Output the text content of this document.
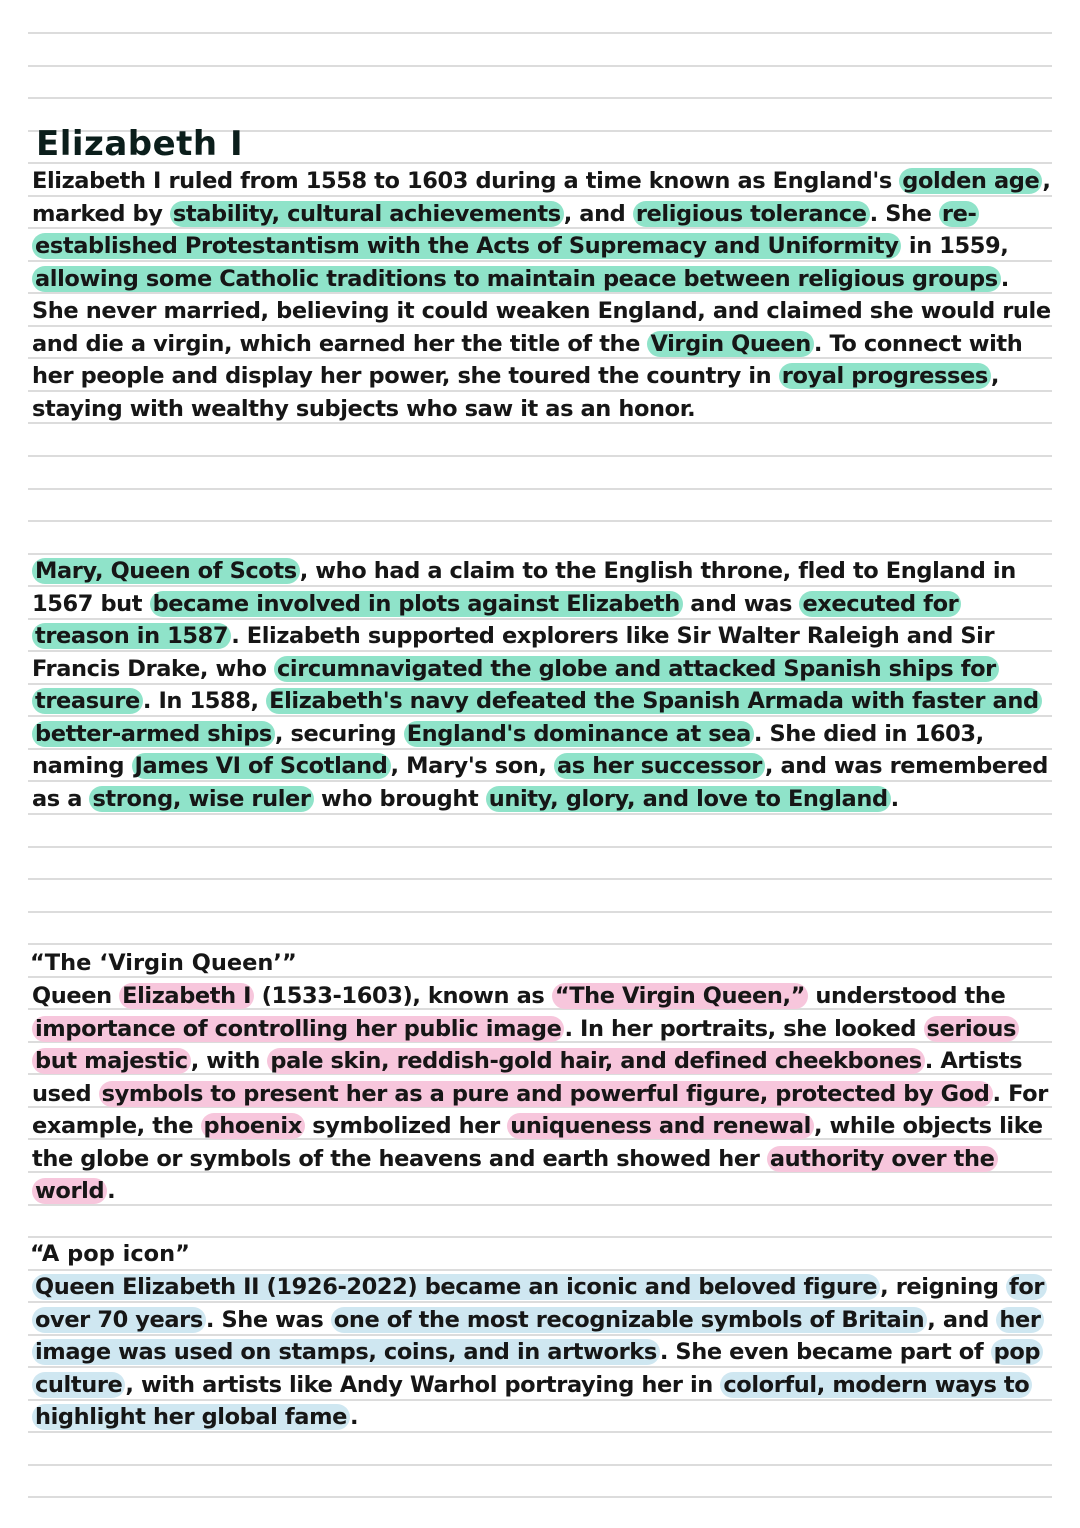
Elizabeth I

Elizabeth I ruled from 1558 to 1603 during a time known as England's golden age , marked by stability, cultural achievements , and religious tolerance . She re-established Protestantism with the Acts of Supremacy and Uniformity in 1559, allowing some Catholic traditions to maintain peace between religious groups . She never married, believing it could weaken England, and claimed she would rule and die a virgin, which earned her the title of the Virgin Queen . To connect with her people and display her power, she toured the country in royal progresses , staying with wealthy subjects who saw it as an honor.

Mary, Queen of Scots , who had a claim to the English throne, fled to England in 1567 but became involved in plots against Elizabeth and was executed for treason in 1587 . Elizabeth supported explorers like Sir Walter Raleigh and Sir Francis Drake, who circumnavigated the globe and attacked Spanish ships for treasure . In 1588, Elizabeth's navy defeated the Spanish Armada with faster and better-armed ships , securing England's dominance at sea . She died in 1603, naming James VI of Scotland , Mary's son, as her successor , and was remembered as a strong, wise ruler who brought unity, glory, and love to England .

“The ‘Virgin Queen’”

Queen Elizabeth I (1533-1603), known as “The Virgin Queen,” understood the importance of controlling her public image . In her portraits, she looked serious but majestic , with pale skin, reddish-gold hair, and defined cheekbones . Artists used symbols to present her as a pure and powerful figure, protected by God . For example, the phoenix symbolized her uniqueness and renewal , while objects like the globe or symbols of the heavens and earth showed her authority over the world .

“A pop icon”

Queen Elizabeth II (1926-2022) became an iconic and beloved figure , reigning for over 70 years . She was one of the most recognizable symbols of Britain , and her image was used on stamps, coins, and in artworks . She even became part of pop culture , with artists like Andy Warhol portraying her in colorful, modern ways to highlight her global fame .
